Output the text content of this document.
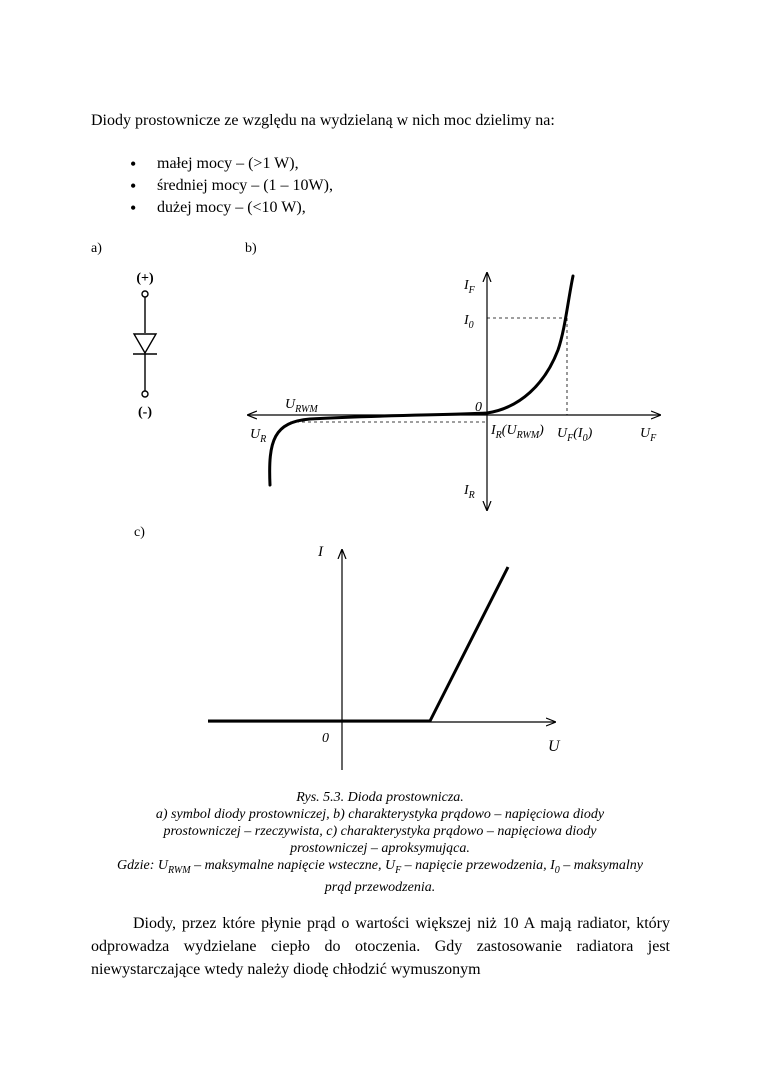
Diody prostownicze ze względu na wydzielaną w nich moc dzielimy na:
• małej mocy – (>1 W),
• średniej mocy – (1 – 10W),
• dużej mocy – (<10 W),
a)	b)
c)
(+)
(-)
$I_F$
$I_0$
$U_{RWM}$	0
$U_R$
$I_R(U_{RWM})$ $U_F(I_0)$	$U_F$
$I_R$
I
0	U
Rys. 5.3. Dioda prostownicza.
a) symbol diody prostowniczej, b) charakterystyka prądowo – napięciowa diody
prostowniczej – rzeczywista, c) charakterystyka prądowo – napięciowa diody
prostowniczej – aproksymująca.
Gdzie: $U_{RWM}$ – maksymalne napięcie wsteczne, $U_F$ – napięcie przewodzenia, $I_0$ – maksymalny
prąd przewodzenia.
Diody, przez które płynie prąd o wartości większej niż 10 A mają radiator, który odprowadza wydzielane ciepło do otoczenia. Gdy zastosowanie radiatora jest niewystarczające wtedy należy diodę chłodzić wymuszonym
